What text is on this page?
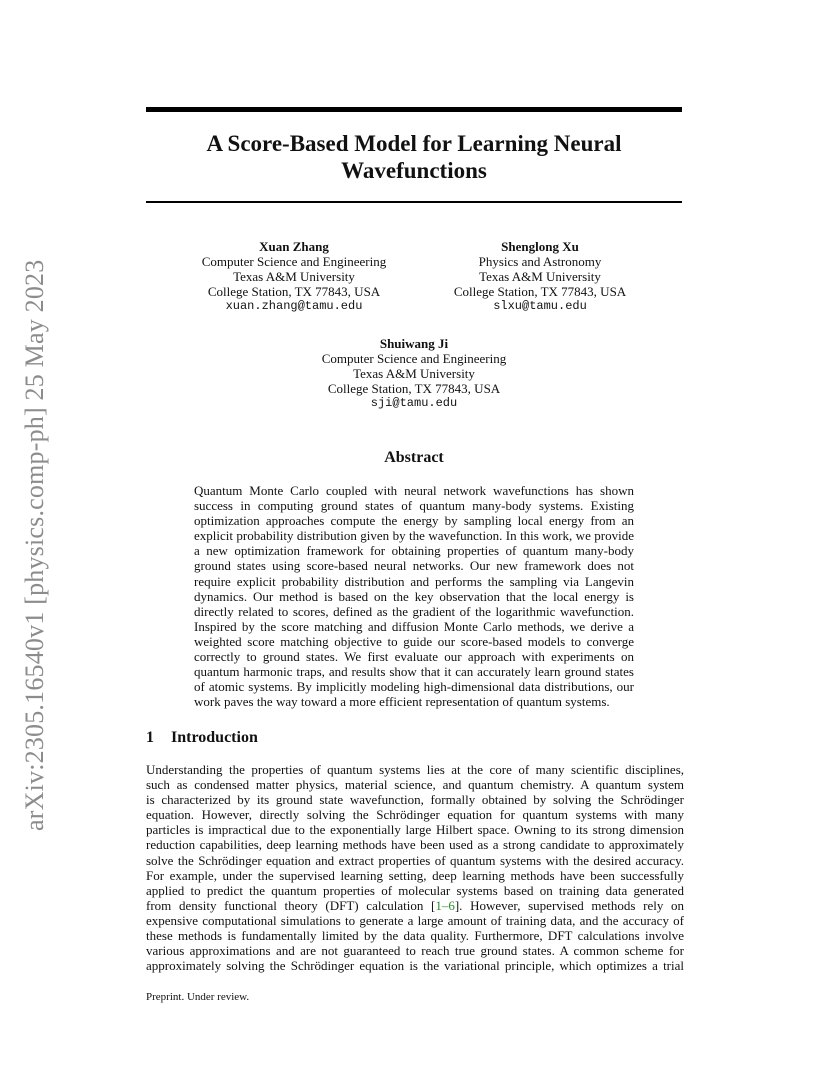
arXiv:2305.16540v1 [physics.comp-ph] 25 May 2023
A Score-Based Model for Learning Neural
Wavefunctions
Xuan Zhang
Computer Science and Engineering
Texas A&M University
College Station, TX 77843, USA
xuan.zhang@tamu.edu
Shenglong Xu
Physics and Astronomy
Texas A&M University
College Station, TX 77843, USA
slxu@tamu.edu
Shuiwang Ji
Computer Science and Engineering
Texas A&M University
College Station, TX 77843, USA
sji@tamu.edu
Abstract
Quantum Monte Carlo coupled with neural network wavefunctions has shown
success in computing ground states of quantum many-body systems. Existing
optimization approaches compute the energy by sampling local energy from an
explicit probability distribution given by the wavefunction. In this work, we provide
a new optimization framework for obtaining properties of quantum many-body
ground states using score-based neural networks. Our new framework does not
require explicit probability distribution and performs the sampling via Langevin
dynamics. Our method is based on the key observation that the local energy is
directly related to scores, defined as the gradient of the logarithmic wavefunction.
Inspired by the score matching and diffusion Monte Carlo methods, we derive a
weighted score matching objective to guide our score-based models to converge
correctly to ground states. We first evaluate our approach with experiments on
quantum harmonic traps, and results show that it can accurately learn ground states
of atomic systems. By implicitly modeling high-dimensional data distributions, our
work paves the way toward a more efficient representation of quantum systems.
1 Introduction
Understanding the properties of quantum systems lies at the core of many scientific disciplines,
such as condensed matter physics, material science, and quantum chemistry. A quantum system
is characterized by its ground state wavefunction, formally obtained by solving the Schrödinger
equation. However, directly solving the Schrödinger equation for quantum systems with many
particles is impractical due to the exponentially large Hilbert space. Owning to its strong dimension
reduction capabilities, deep learning methods have been used as a strong candidate to approximately
solve the Schrödinger equation and extract properties of quantum systems with the desired accuracy.
For example, under the supervised learning setting, deep learning methods have been successfully
applied to predict the quantum properties of molecular systems based on training data generated
from density functional theory (DFT) calculation [1–6]. However, supervised methods rely on
expensive computational simulations to generate a large amount of training data, and the accuracy of
these methods is fundamentally limited by the data quality. Furthermore, DFT calculations involve
various approximations and are not guaranteed to reach true ground states. A common scheme for
approximately solving the Schrödinger equation is the variational principle, which optimizes a trial
Preprint. Under review.
